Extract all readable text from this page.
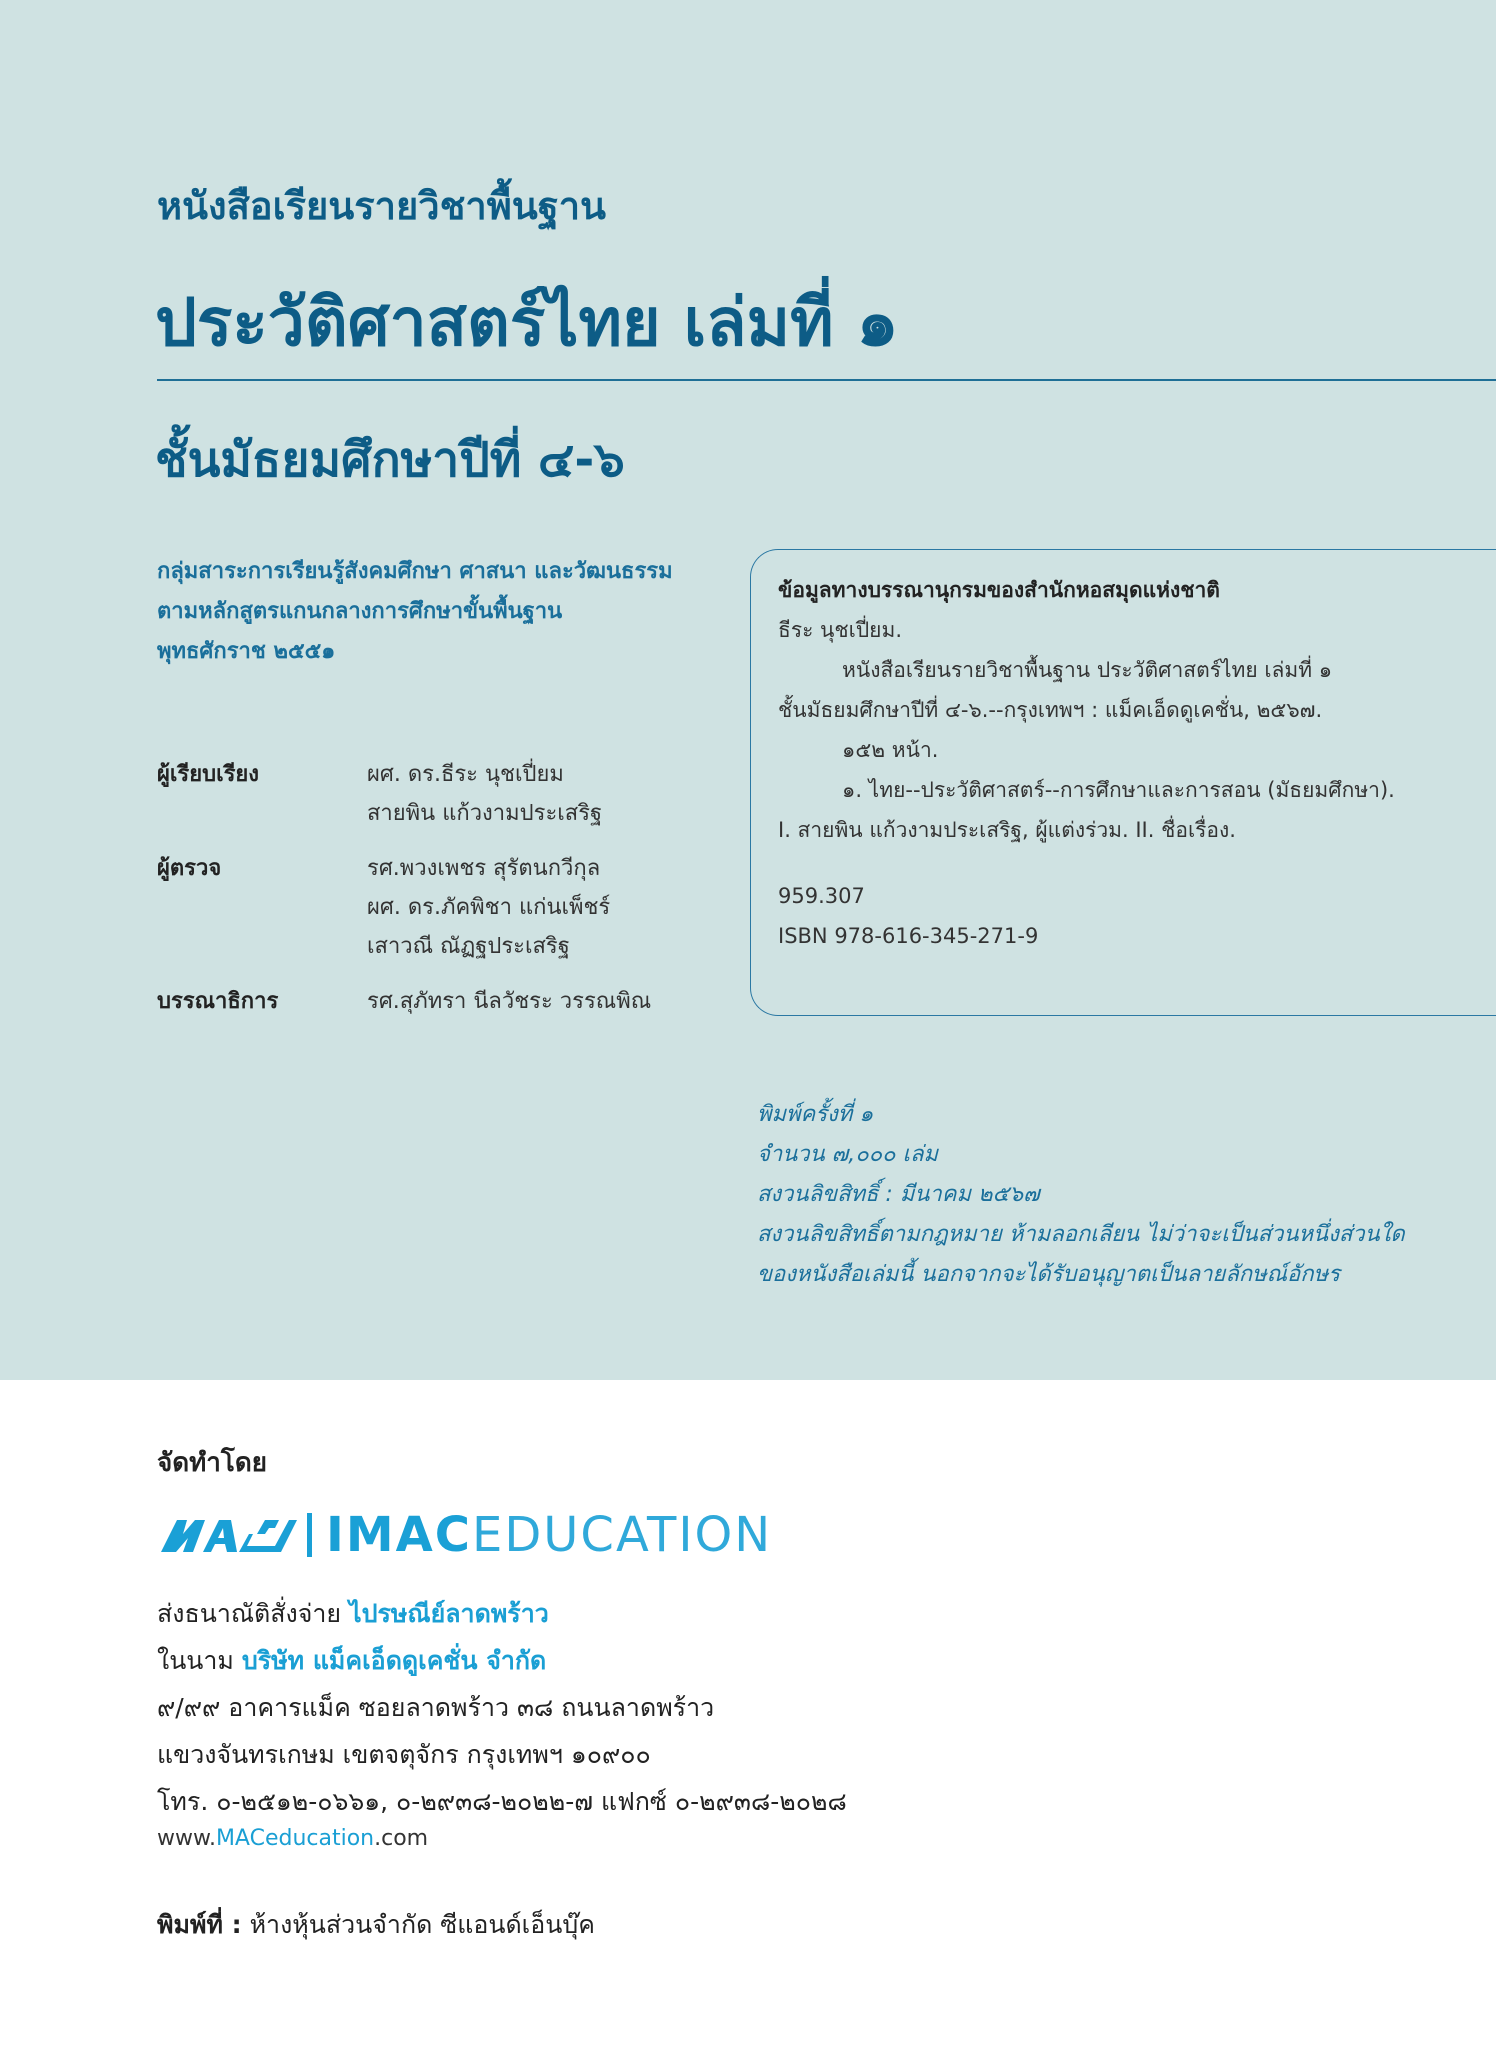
หนังสือเรียนรายวิชาพื้นฐาน
ประวัติศาสตร์ไทย เล่มที่ ๑
ชั้นมัธยมศึกษาปีที่ ๔-๖
กลุ่มสาระการเรียนรู้สังคมศึกษา ศาสนา และวัฒนธรรม
ตามหลักสูตรแกนกลางการศึกษาขั้นพื้นฐาน
พุทธศักราช ๒๕๕๑
ผู้เรียบเรียง	ผศ. ดร.ธีระ นุชเปี่ยม
สายพิน แก้วงามประเสริฐ
ผู้ตรวจ	รศ.พวงเพชร สุรัตนกวีกุล
ผศ. ดร.ภัคพิชา แก่นเพ็ชร์
เสาวณี ณัฏฐประเสริฐ
บรรณาธิการ	รศ.สุภัทรา นีลวัชระ วรรณพิณ
ข้อมูลทางบรรณานุกรมของสำนักหอสมุดแห่งชาติ
ธีระ นุชเปี่ยม.
หนังสือเรียนรายวิชาพื้นฐาน ประวัติศาสตร์ไทย เล่มที่ ๑
ชั้นมัธยมศึกษาปีที่ ๔-๖.--กรุงเทพฯ : แม็คเอ็ดดูเคชั่น, ๒๕๖๗.
๑๕๒ หน้า.
๑. ไทย--ประวัติศาสตร์--การศึกษาและการสอน (มัธยมศึกษา).
I. สายพิน แก้วงามประเสริฐ, ผู้แต่งร่วม. II. ชื่อเรื่อง.
959.307
ISBN 978-616-345-271-9
พิมพ์ครั้งที่ ๑
จำนวน ๗,๐๐๐ เล่ม
สงวนลิขสิทธิ์ : มีนาคม ๒๕๖๗
สงวนลิขสิทธิ์ตามกฎหมาย ห้ามลอกเลียน ไม่ว่าจะเป็นส่วนหนึ่งส่วนใด
ของหนังสือเล่มนี้ นอกจากจะได้รับอนุญาตเป็นลายลักษณ์อักษร
จัดทำโดย
IMACEDUCATION
ส่งธนาณัติสั่งจ่าย ไปรษณีย์ลาดพร้าว
ในนาม บริษัท แม็คเอ็ดดูเคชั่น จำกัด
๙/๙๙ อาคารแม็ค ซอยลาดพร้าว ๓๘ ถนนลาดพร้าว
แขวงจันทรเกษม เขตจตุจักร กรุงเทพฯ ๑๐๙๐๐
โทร. ๐-๒๕๑๒-๐๖๖๑, ๐-๒๙๓๘-๒๐๒๒-๗ แฟกซ์ ๐-๒๙๓๘-๒๐๒๘
www.MACeducation.com
พิมพ์ที่ : ห้างหุ้นส่วนจำกัด ซีแอนด์เอ็นบุ๊ค
